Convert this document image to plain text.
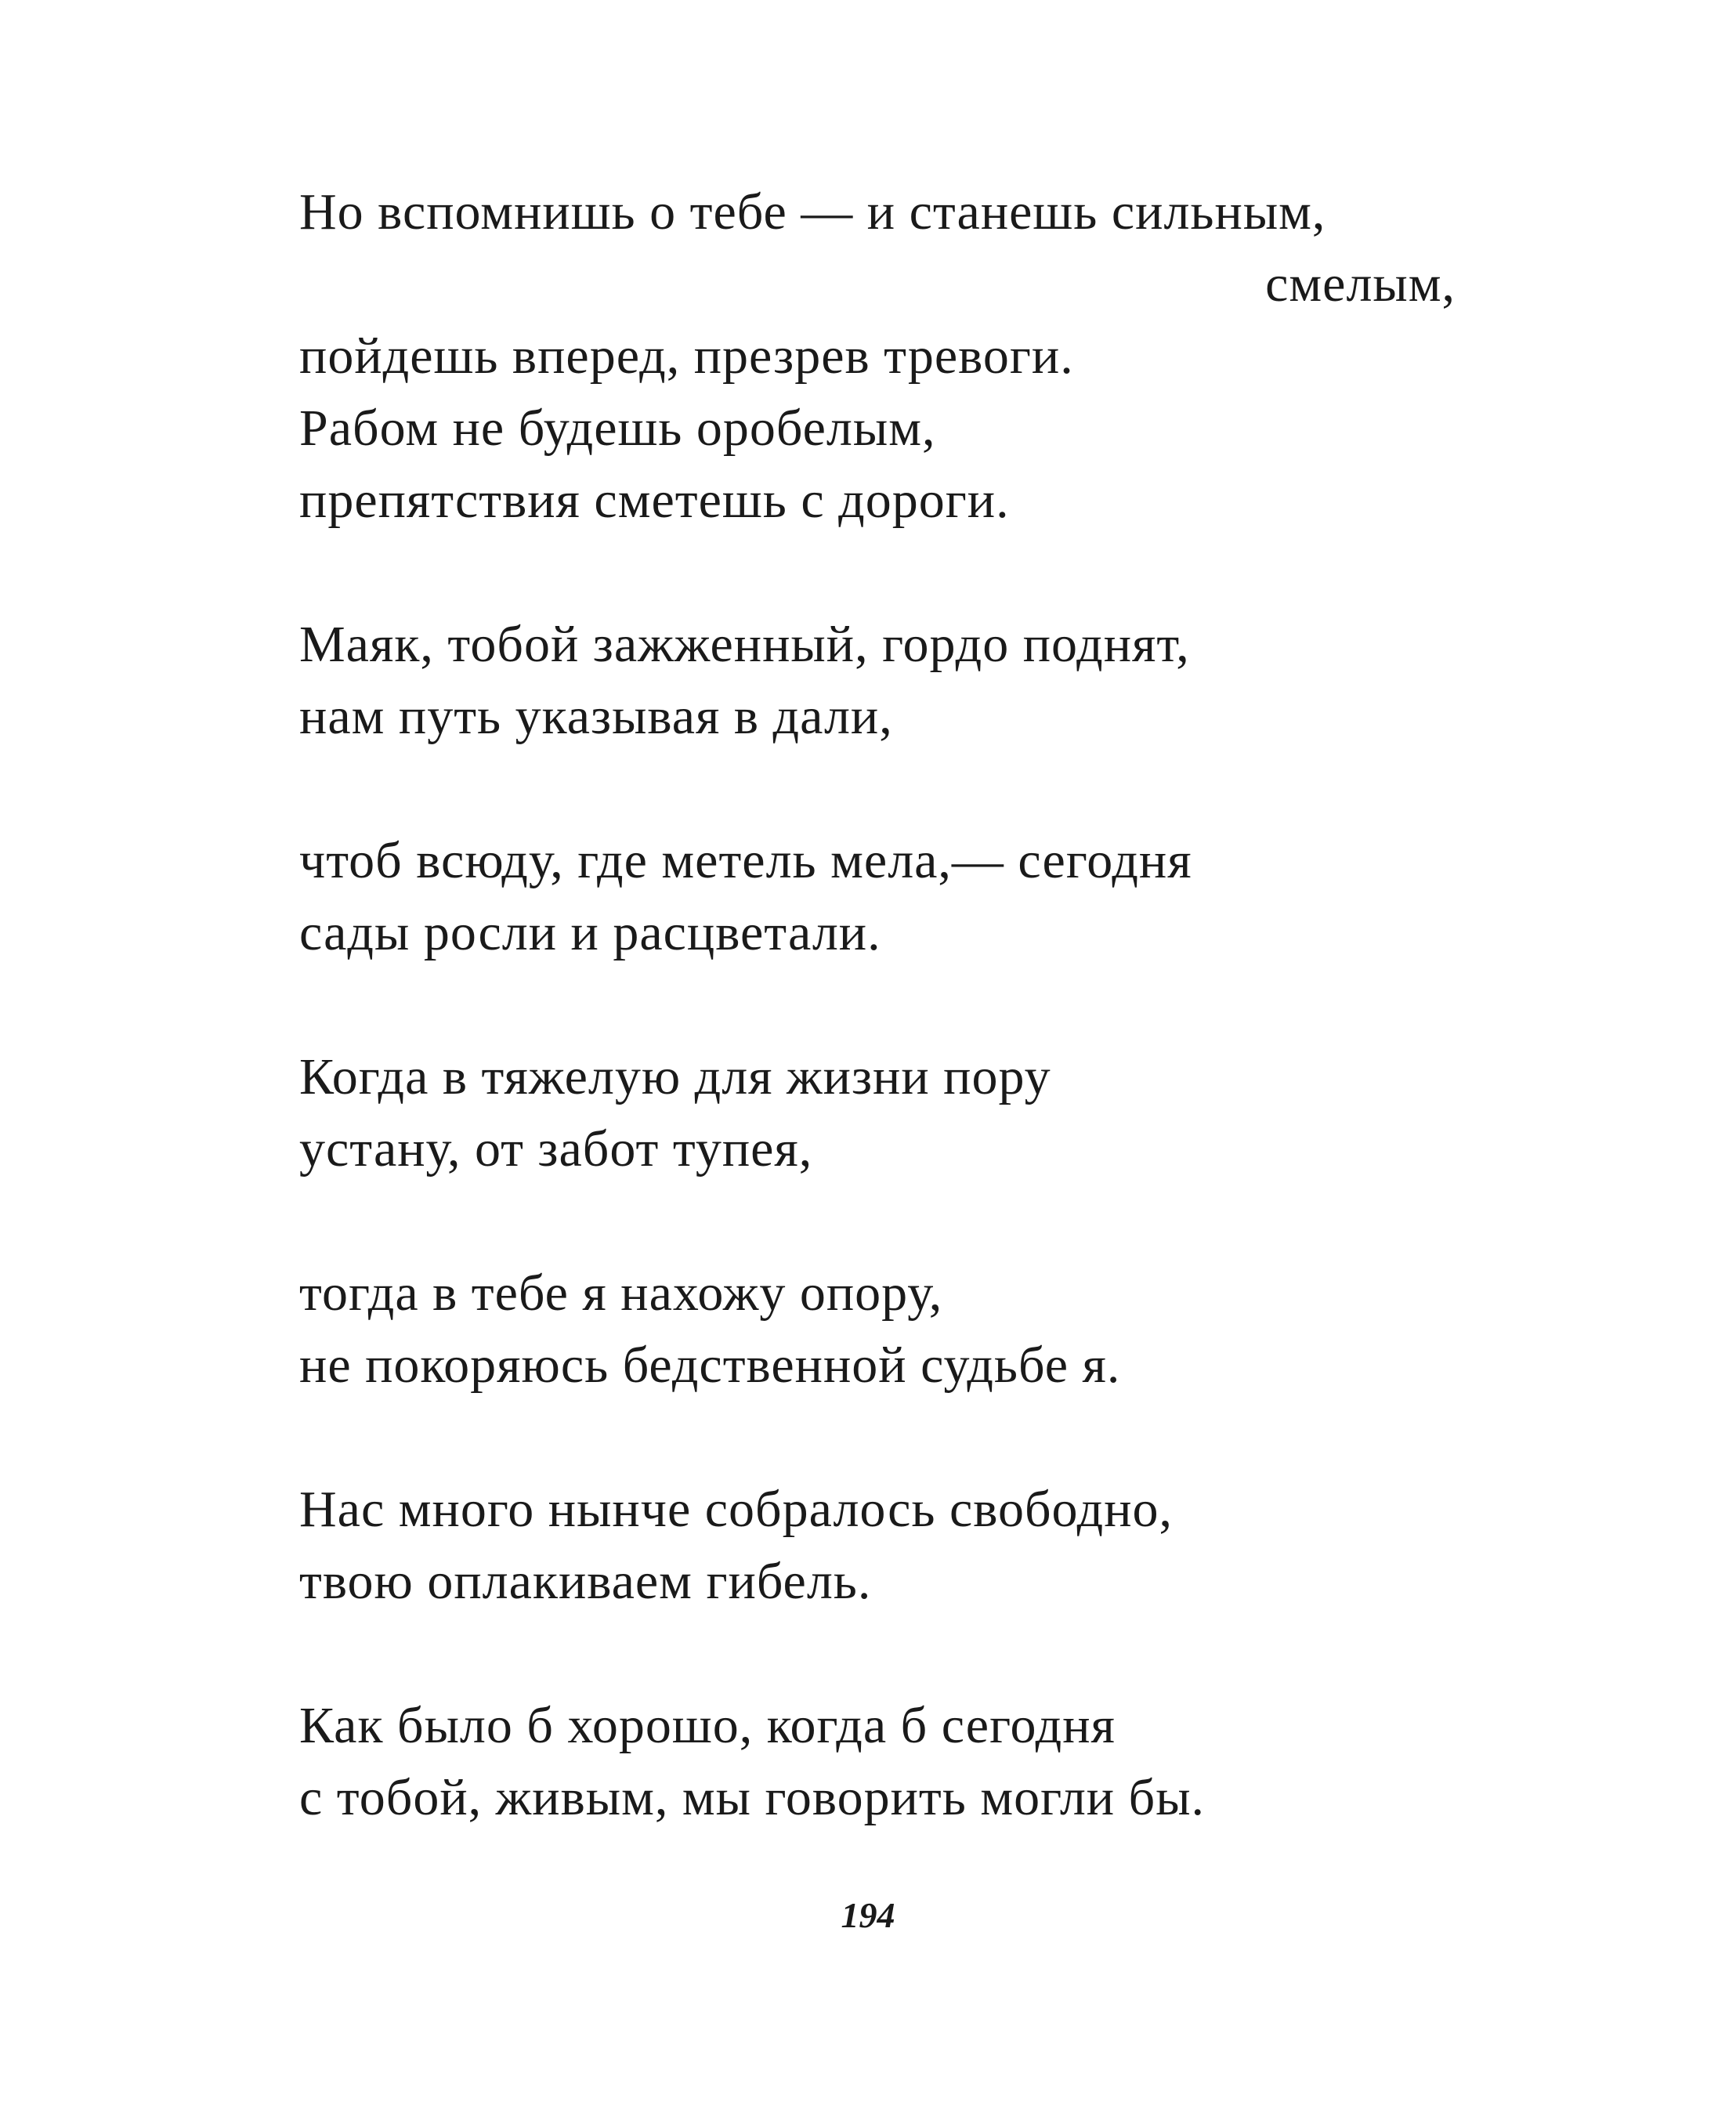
Но вспомнишь о тебе — и станешь сильным,
смелым,
пойдешь вперед, презрев тревоги.
Рабом не будешь оробелым,
препятствия сметешь с дороги.
Маяк, тобой зажженный, гордо поднят,
нам путь указывая в дали,
чтоб всюду, где метель мела,— сегодня
сады росли и расцветали.
Когда в тяжелую для жизни пору
устану, от забот тупея,
тогда в тебе я нахожу опору,
не покоряюсь бедственной судьбе я.
Нас много нынче собралось свободно,
твою оплакиваем гибель.
Как было б хорошо, когда б сегодня
с тобой, живым, мы говорить могли бы.
194
